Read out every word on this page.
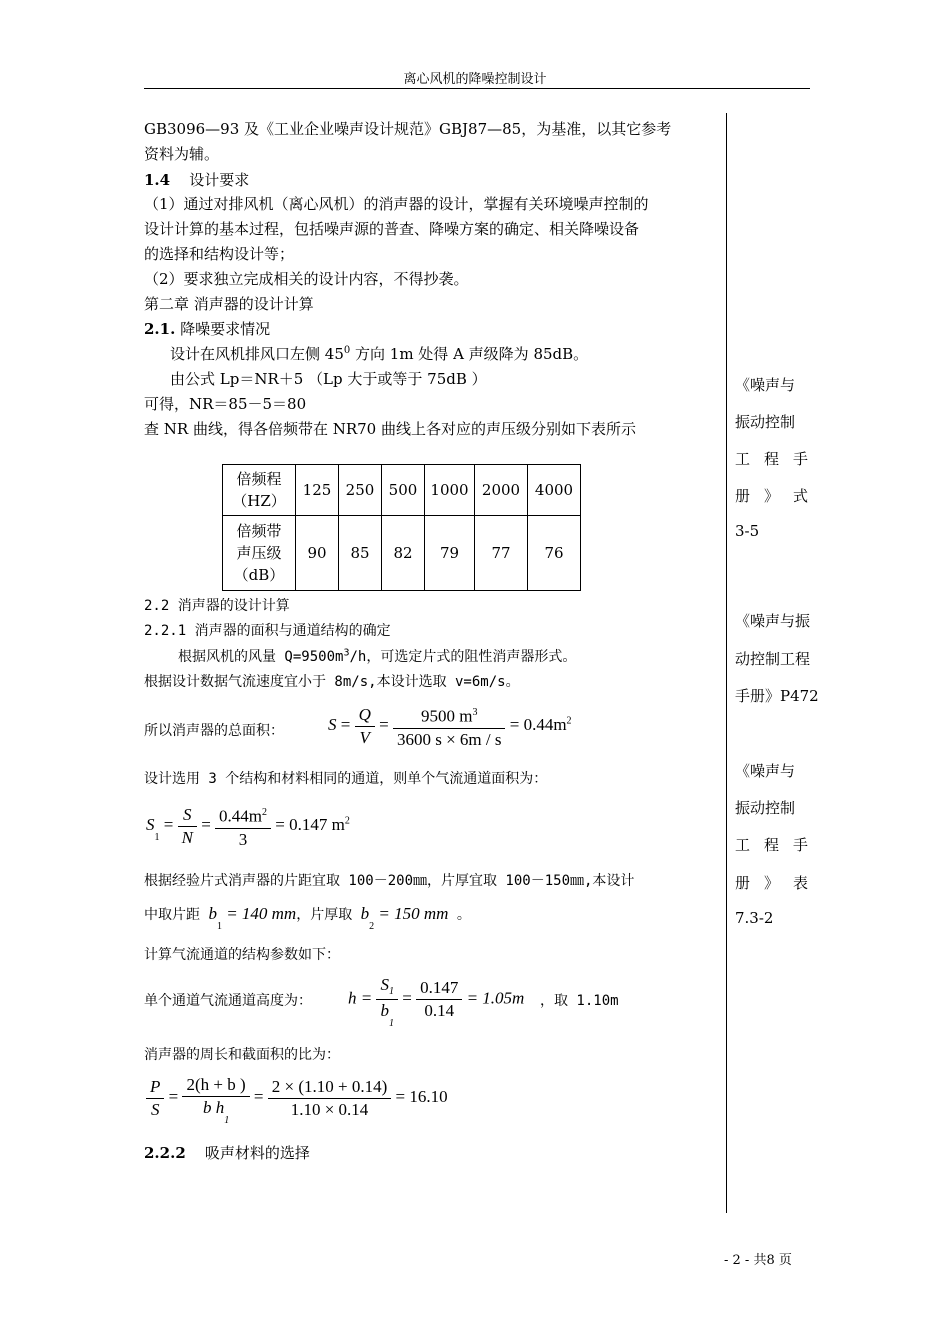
离心风机的降噪控制设计
GB3096—93 及《工业企业噪声设计规范》GBJ87—85，为基准，以其它参考
资料为辅。
1.4 设计要求
（1）通过对排风机（离心风机）的消声器的设计，掌握有关环境噪声控制的
设计计算的基本过程，包括噪声源的普查、降噪方案的确定、相关降噪设备
的选择和结构设计等；
（2）要求独立完成相关的设计内容，不得抄袭。
第二章 消声器的设计计算
2.1. 降噪要求情况
设计在风机排风口左侧 $45^0$ 方向 1m 处得 A 声级降为 85dB。
由公式 Lp＝NR＋5 （Lp 大于或等于 75dB ）
可得，NR＝85－5＝80
查 NR 曲线，得各倍频带在 NR70 曲线上各对应的声压级分别如下表所示
倍频程
（HZ）	125	250	500	1000	2000	4000

倍频带
声压级
（dB）	90	85	82	79	77	76
2.2 消声器的设计计算
2.2.1 消声器的面积与通道结构的确定
根据风机的风量 $Q=9500m^3/h$，可选定片式的阻性消声器形式。
根据设计数据气流速度宜小于 8m/s,本设计选取 v=6m/s。
所以消声器的总面积：	$S = \frac{Q}{V} = \frac{9500 m^3}{3600 s \times 6m / s} = 0.44m^2$
设计选用 3 个结构和材料相同的通道，则单个气流通道面积为：
$S_1 = \frac{S}{N} = \frac{0.44m^2}{3} = 0.147$ $m^2$
根据经验片式消声器的片距宜取 100－200㎜，片厚宜取 100－150㎜,本设计
中取片距 $b_1 = 140$ mm，片厚取 $b_2 = 150$ mm 。
计算气流通道的结构参数如下：
单个通道气流通道高度为： $h = \frac{S_1}{b_1} = \frac{0.147}{0.14} = 1.05m$ ，取 1.10m
消声器的周长和截面积的比为：
$\frac{P}{S} = \frac{2(h + b )}{b h_1} = \frac{2 \times (1.10 + 0.14)}{1.10 \times 0.14} = 16.10$
2.2.2 吸声材料的选择
《噪声与
振动控制
工程手
册》式
3-5
《噪声与振
动控制工程
手册》P472
《噪声与
振动控制
工程手
册》表
7.3-2
- 2 - 共8 页
